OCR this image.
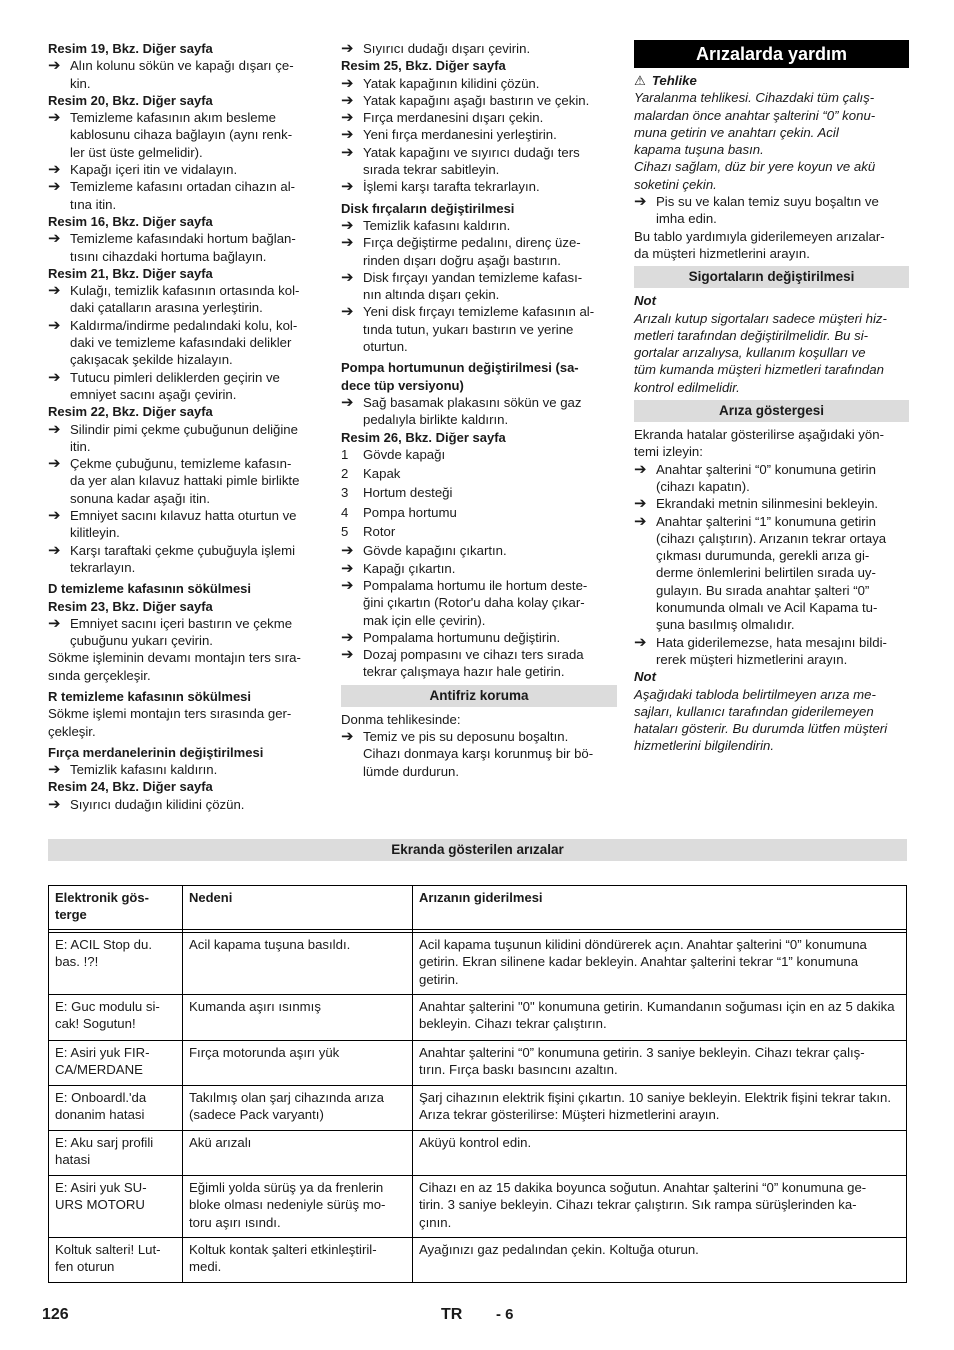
Resim 19, Bkz. Diğer sayfa
➔ Alın kolunu sökün ve kapağı dışarı çe-
kin.
Resim 20, Bkz. Diğer sayfa
➔ Temizleme kafasının akım besleme
kablosunu cihaza bağlayın (aynı renk-
ler üst üste gelmelidir).
➔ Kapağı içeri itin ve vidalayın.
➔ Temizleme kafasını ortadan cihazın al-
tına itin.
Resim 16, Bkz. Diğer sayfa
➔ Temizleme kafasındaki hortum bağlan-
tısını cihazdaki hortuma bağlayın.
Resim 21, Bkz. Diğer sayfa
➔ Kulağı, temizlik kafasının ortasında kol-
daki çatalların arasına yerleştirin.
➔ Kaldırma/indirme pedalındaki kolu, kol-
daki ve temizleme kafasındaki delikler
çakışacak şekilde hizalayın.
➔ Tutucu pimleri deliklerden geçirin ve
emniyet sacını aşağı çevirin.
Resim 22, Bkz. Diğer sayfa
➔ Silindir pimi çekme çubuğunun deliğine
itin.
➔ Çekme çubuğunu, temizleme kafasın-
da yer alan kılavuz hattaki pimle birlikte
sonuna kadar aşağı itin.
➔ Emniyet sacını kılavuz hatta oturtun ve
kilitleyin.
➔ Karşı taraftaki çekme çubuğuyla işlemi
tekrarlayın.
D temizleme kafasının sökülmesi
Resim 23, Bkz. Diğer sayfa
➔ Emniyet sacını içeri bastırın ve çekme
çubuğunu yukarı çevirin.
Sökme işleminin devamı montajın ters sıra-
sında gerçekleşir.
R temizleme kafasının sökülmesi
Sökme işlemi montajın ters sırasında ger-
çekleşir.
Fırça merdanelerinin değiştirilmesi
➔ Temizlik kafasını kaldırın.
Resim 24, Bkz. Diğer sayfa
➔ Sıyırıcı dudağın kilidini çözün.
➔ Sıyırıcı dudağı dışarı çevirin.
Resim 25, Bkz. Diğer sayfa
➔ Yatak kapağının kilidini çözün.
➔ Yatak kapağını aşağı bastırın ve çekin.
➔ Fırça merdanesini dışarı çekin.
➔ Yeni fırça merdanesini yerleştirin.
➔ Yatak kapağını ve sıyırıcı dudağı ters
sırada tekrar sabitleyin.
➔ İşlemi karşı tarafta tekrarlayın.
Disk fırçaların değiştirilmesi
➔ Temizlik kafasını kaldırın.
➔ Fırça değiştirme pedalını, direnç üze-
rinden dışarı doğru aşağı bastırın.
➔ Disk fırçayı yandan temizleme kafası-
nın altında dışarı çekin.
➔ Yeni disk fırçayı temizleme kafasının al-
tında tutun, yukarı bastırın ve yerine
oturtun.
Pompa hortumunun değiştirilmesi (sa-
dece tüp versiyonu)
➔ Sağ basamak plakasını sökün ve gaz
pedalıyla birlikte kaldırın.
Resim 26, Bkz. Diğer sayfa
1 Gövde kapağı
2 Kapak
3 Hortum desteği
4 Pompa hortumu
5 Rotor
➔ Gövde kapağını çıkartın.
➔ Kapağı çıkartın.
➔ Pompalama hortumu ile hortum deste-
ğini çıkartın (Rotor'u daha kolay çıkar-
mak için elle çevirin).
➔ Pompalama hortumunu değiştirin.
➔ Dozaj pompasını ve cihazı ters sırada
tekrar çalışmaya hazır hale getirin.
Antifriz koruma
Donma tehlikesinde:
➔ Temiz ve pis su deposunu boşaltın.
Cihazı donmaya karşı korunmuş bir bö-
lümde durdurun.
Arızalarda yardım
⚠ Tehlike
Yaralanma tehlikesi. Cihazdaki tüm çalış-
malardan önce anahtar şalterini “0” konu-
muna getirin ve anahtarı çekin. Acil
kapama tuşuna basın.
Cihazı sağlam, düz bir yere koyun ve akü
soketini çekin.
➔ Pis su ve kalan temiz suyu boşaltın ve
imha edin.
Bu tablo yardımıyla giderilemeyen arızalar-
da müşteri hizmetlerini arayın.
Sigortaların değiştirilmesi
Not
Arızalı kutup sigortaları sadece müşteri hiz-
metleri tarafından değiştirilmelidir. Bu si-
gortalar arızalıysa, kullanım koşulları ve
tüm kumanda müşteri hizmetleri tarafından
kontrol edilmelidir.
Arıza göstergesi
Ekranda hatalar gösterilirse aşağıdaki yön-
temi izleyin:
➔ Anahtar şalterini “0” konumuna getirin
(cihazı kapatın).
➔ Ekrandaki metnin silinmesini bekleyin.
➔ Anahtar şalterini “1” konumuna getirin
(cihazı çalıştırın). Arızanın tekrar ortaya
çıkması durumunda, gerekli arıza gi-
derme önlemlerini belirtilen sırada uy-
gulayın. Bu sırada anahtar şalteri “0”
konumunda olmalı ve Acil Kapama tu-
şuna basılmış olmalıdır.
➔ Hata giderilemezse, hata mesajını bildi-
rerek müşteri hizmetlerini arayın.
Not
Aşağıdaki tabloda belirtilmeyen arıza me-
sajları, kullanıcı tarafından giderilemeyen
hataları gösterir. Bu durumda lütfen müşteri
hizmetlerini bilgilendirin.
Ekranda gösterilen arızalar
Elektronik gös-
terge	Nedeni	Arızanın giderilmesi

E: ACIL Stop du.
bas. !?!	Acil kapama tuşuna basıldı.	Acil kapama tuşunun kilidini döndürerek açın. Anahtar şalterini “0” konumuna getirin. Ekran silinene kadar bekleyin. Anahtar şalterini tekrar “1” konumuna getirin.
E: Guc modulu si-
cak! Sogutun!	Kumanda aşırı ısınmış	Anahtar şalterini "0" konumuna getirin. Kumandanın soğuması için en az 5 dakika bekleyin. Cihazı tekrar çalıştırın.
E: Asiri yuk FIR-
CA/MERDANE	Fırça motorunda aşırı yük	Anahtar şalterini “0” konumuna getirin. 3 saniye bekleyin. Cihazı tekrar çalış-
tırın. Fırça baskı basıncını azaltın.
E: Onboardl.'da
donanim hatasi	Takılmış olan şarj cihazında arıza
(sadece Pack varyantı)	Şarj cihazının elektrik fişini çıkartın. 10 saniye bekleyin. Elektrik fişini tekrar takın. Arıza tekrar gösterilirse: Müşteri hizmetlerini arayın.
E: Aku sarj profili
hatasi	Akü arızalı	Aküyü kontrol edin.
E: Asiri yuk SU-
URS MOTORU	Eğimli yolda sürüş ya da frenlerin
bloke olması nedeniyle sürüş mo-
toru aşırı ısındı.	Cihazı en az 15 dakika boyunca soğutun. Anahtar şalterini “0” konumuna ge-
tirin. 3 saniye bekleyin. Cihazı tekrar çalıştırın. Sık rampa sürüşlerinden ka-
çının.
Koltuk salteri! Lut-
fen oturun	Koltuk kontak şalteri etkinleştiril-
medi.	Ayağınızı gaz pedalından çekin. Koltuğa oturun.
126	TR - 6
